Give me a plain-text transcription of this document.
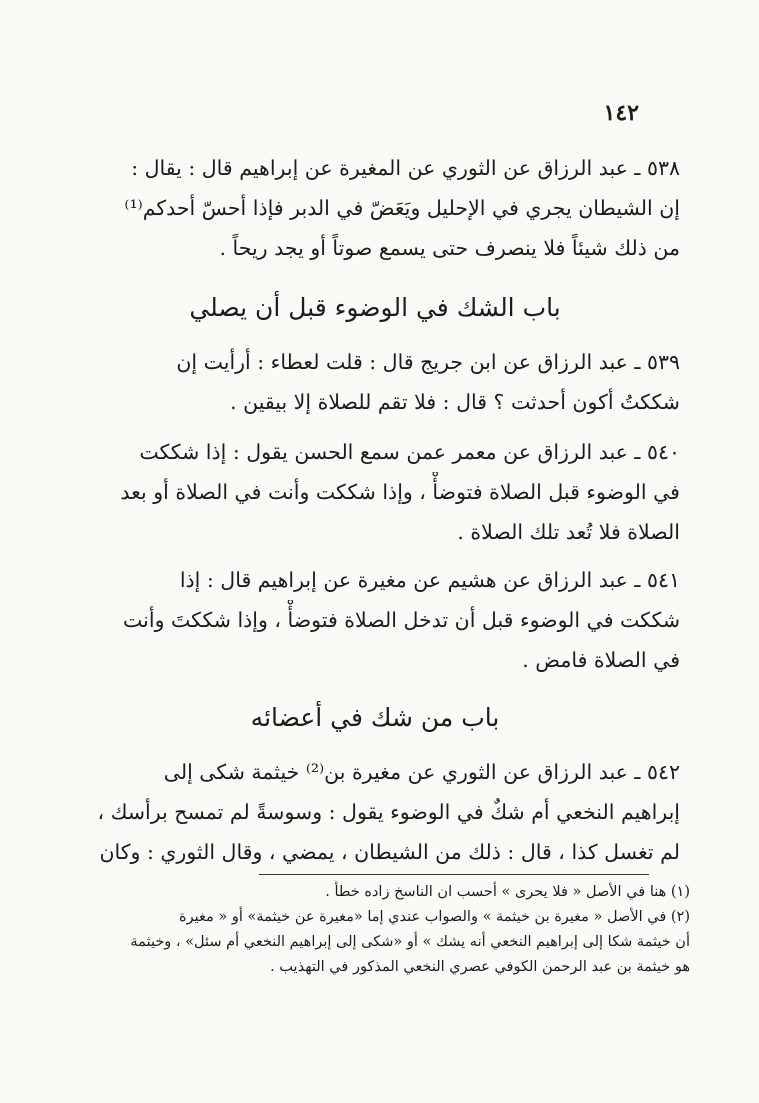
١٤٢
٥٣٨ ـ عبد الرزاق عن الثوري عن المغيرة عن إبراهيم قال : يقال :
إن الشيطان يجري في الإحليل ويَعَضّ في الدبر فإذا أحسّ أحدكم⁽¹⁾
من ذلك شيئاً فلا ينصرف حتى يسمع صوتاً أو يجد ريحاً .
باب الشك في الوضوء قبل أن يصلي
٥٣٩ ـ عبد الرزاق عن ابن جريج قال : قلت لعطاء : أرأيت إن
شككتُ أكون أحدثت ؟ قال : فلا تقم للصلاة إلا بيقين .
٥٤٠ ـ عبد الرزاق عن معمر عمن سمع الحسن يقول : إذا شككت
في الوضوء قبل الصلاة فتوضأْ ، وإذا شككت وأنت في الصلاة أو بعد
الصلاة فلا تُعد تلك الصلاة .
٥٤١ ـ عبد الرزاق عن هشيم عن مغيرة عن إبراهيم قال : إذا
شككت في الوضوء قبل أن تدخل الصلاة فتوضأْ ، وإذا شككتَ وأنت
في الصلاة فامض .
باب من شك في أعضائه
٥٤٢ ـ عبد الرزاق عن الثوري عن مغيرة بن⁽²⁾ خيثمة شكى إلى
إبراهيم النخعي أم شكٌ في الوضوء يقول : وسوسةً لم تمسح برأسك ،
لم تغسل كذا ، قال : ذلك من الشيطان ، يمضي ، وقال الثوري : وكان
(١) هنا في الأصل « فلا يحرى » أحسب ان الناسخ زاده خطأً .
(٢) في الأصل « مغيرة بن خيثمة » والصواب عندي إما «مغيرة عن خيثمة» أو « مغيرة
أن خيثمة شكا إلى إبراهيم النخعي أنه يشك » أو «شكى إلى إبراهيم النخعي أم سئل» ، وخيثمة
هو خيثمة بن عبد الرحمن الكوفي عصري النخعي المذكور في التهذيب .
